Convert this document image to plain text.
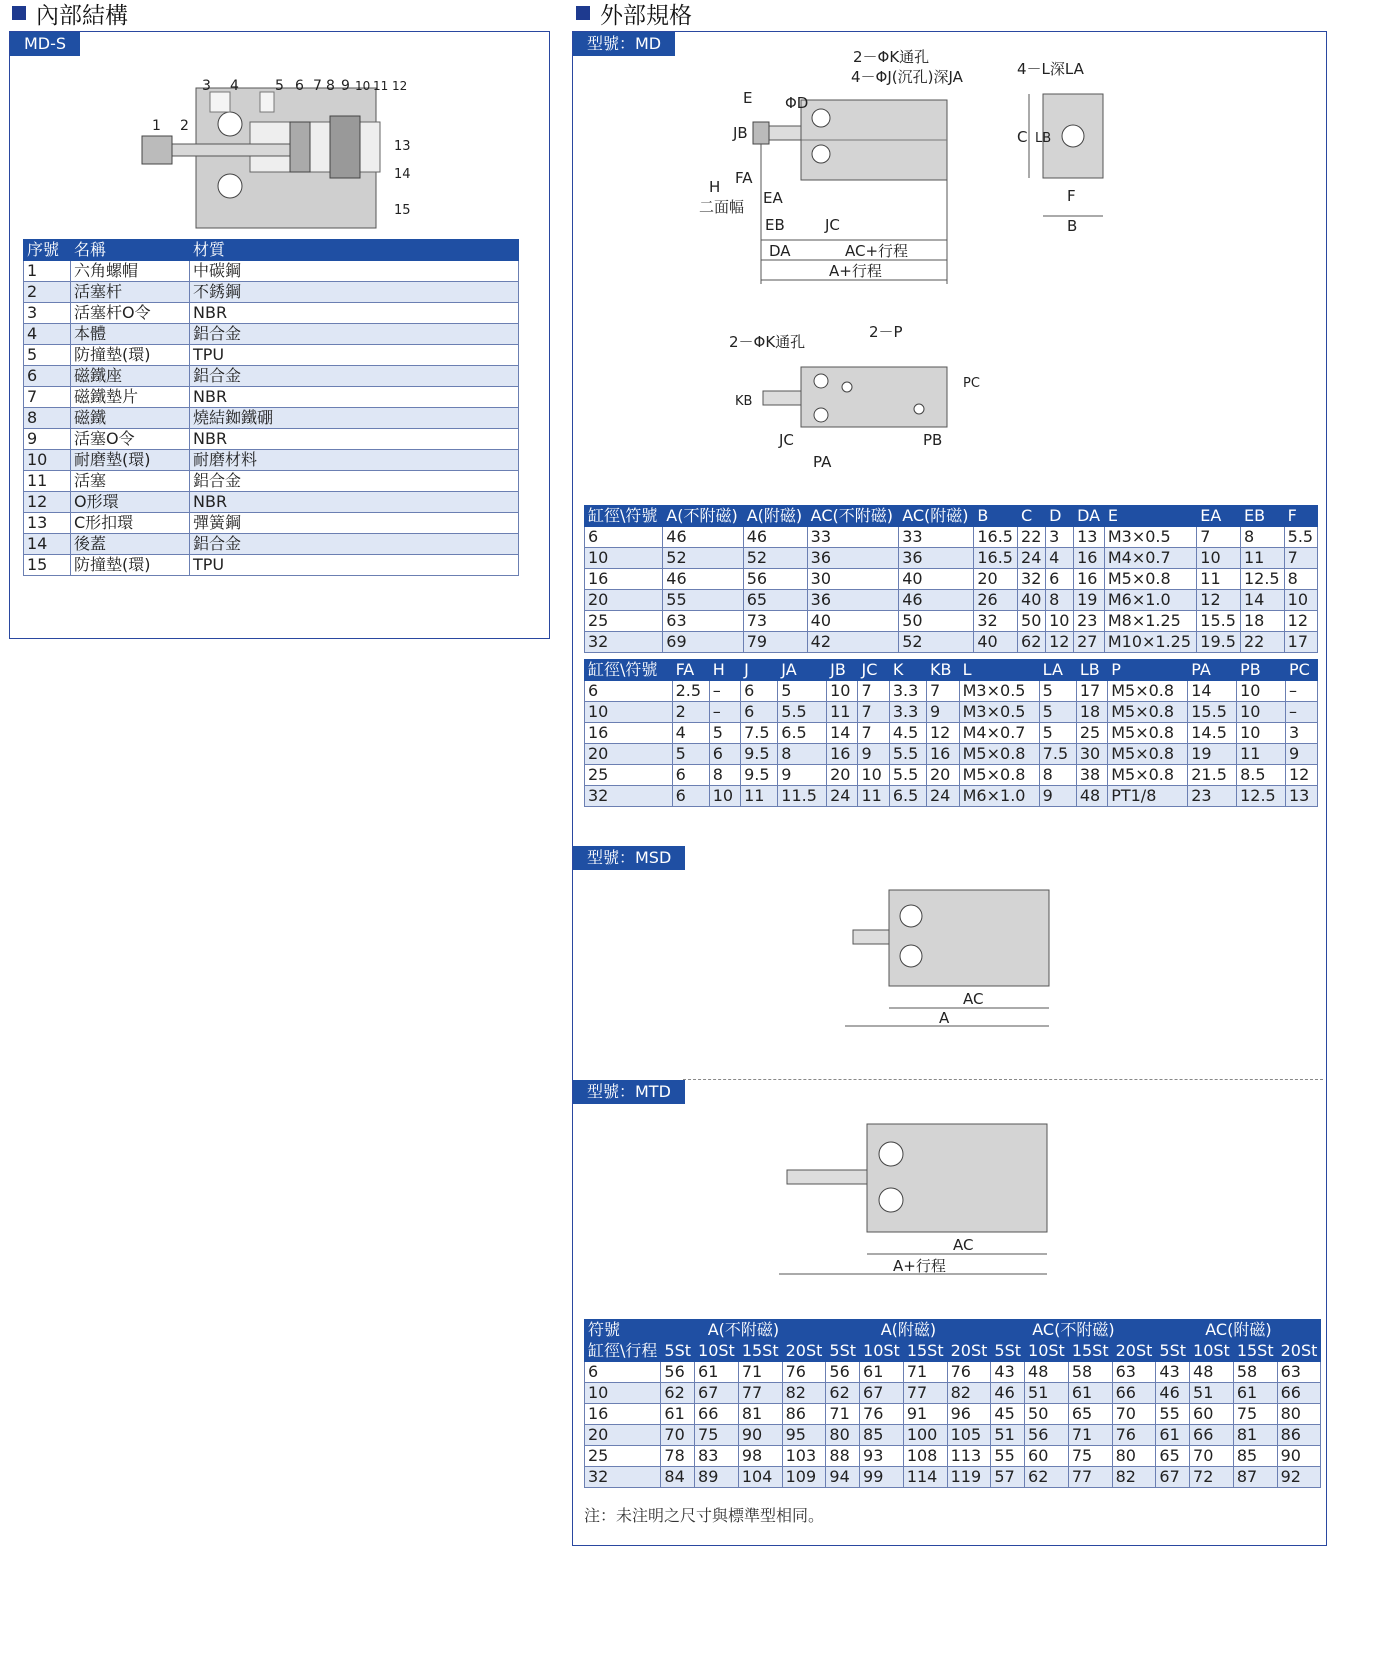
內部結構	外部規格
MD-S
1 2
3 4	5 6 7 8 9 10 11 12
13
14
15
序號	名稱	材質
1	六角螺帽	中碳鋼
2	活塞杆	不銹鋼
3	活塞杆O令	NBR
4	本體	鋁合金
5	防撞墊(環)	TPU
6	磁鐵座	鋁合金
7	磁鐵墊片	NBR
8	磁鐵	燒結銣鐵硼
9	活塞O令	NBR
10	耐磨墊(環)	耐磨材料
11	活塞	鋁合金
12	O形環	NBR
13	C形扣環	彈簧鋼
14	後蓋	鋁合金
15	防撞墊(環)	TPU
型號：MD
2－ΦK通孔
4－ΦJ(沉孔)深JA
E ΦD
JB
FA
EA
EB	JC
DA
H
二面幅
AC+行程
A+行程
4－L深LA
C LB
F
B
2－ΦK通孔
2－P
KB
PC
JC
PA
PB
缸徑\符號	A(不附磁)	A(附磁)	AC(不附磁)	AC(附磁)	B	C	D	DA	E	EA	EB	F
6	46	46	33	33	16.5	22	3	13	M3×0.5	7	8	5.5
10	52	52	36	36	16.5	24	4	16	M4×0.7	10	11	7
16	46	56	30	40	20	32	6	16	M5×0.8	11	12.5	8
20	55	65	36	46	26	40	8	19	M6×1.0	12	14	10
25	63	73	40	50	32	50	10	23	M8×1.25	15.5	18	12
32	69	79	42	52	40	62	12	27	M10×1.25	19.5	22	17
缸徑\符號	FA	H	J	JA	JB	JC	K	KB	L	LA	LB	P	PA	PB	PC
6	2.5	–	6	5	10	7	3.3	7	M3×0.5	5	17	M5×0.8	14	10	–
10	2	–	6	5.5	11	7	3.3	9	M3×0.5	5	18	M5×0.8	15.5	10	–
16	4	5	7.5	6.5	14	7	4.5	12	M4×0.7	5	25	M5×0.8	14.5	10	3
20	5	6	9.5	8	16	9	5.5	16	M5×0.8	7.5	30	M5×0.8	19	11	9
25	6	8	9.5	9	20	10	5.5	20	M5×0.8	8	38	M5×0.8	21.5	8.5	12
32	6	10	11	11.5	24	11	6.5	24	M6×1.0	9	48	PT1/8	23	12.5	13
型號：MSD
AC
A
型號：MTD
AC
A+行程
符號	A(不附磁)				A(附磁)				AC(不附磁)				AC(附磁)			
缸徑\行程	5St	10St	15St	20St	5St	10St	15St	20St	5St	10St	15St	20St	5St	10St	15St	20St
6	56	61	71	76	56	61	71	76	43	48	58	63	43	48	58	63
10	62	67	77	82	62	67	77	82	46	51	61	66	46	51	61	66
16	61	66	81	86	71	76	91	96	45	50	65	70	55	60	75	80
20	70	75	90	95	80	85	100	105	51	56	71	76	61	66	81	86
25	78	83	98	103	88	93	108	113	55	60	75	80	65	70	85	90
32	84	89	104	109	94	99	114	119	57	62	77	82	67	72	87	92
注：未注明之尺寸與標準型相同。
